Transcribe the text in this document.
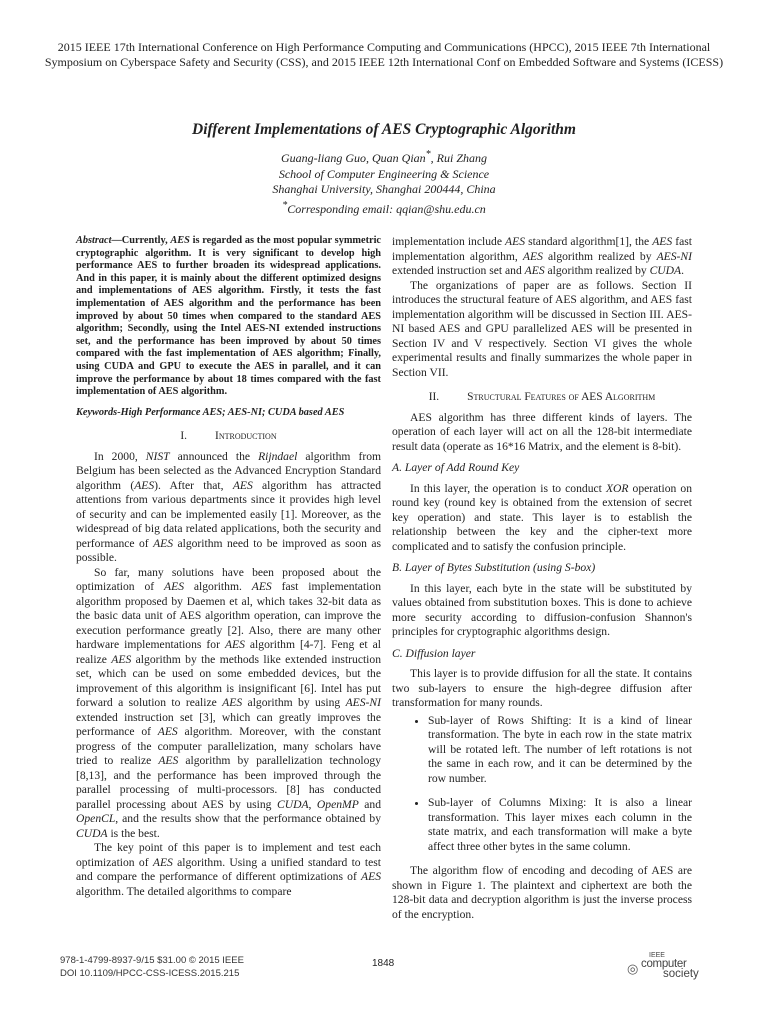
2015 IEEE 17th International Conference on High Performance Computing and Communications (HPCC), 2015 IEEE 7th International Symposium on Cyberspace Safety and Security (CSS), and 2015 IEEE 12th International Conf on Embedded Software and Systems (ICESS)
Different Implementations of AES Cryptographic Algorithm
Guang-liang Guo, Quan Qian*, Rui Zhang
School of Computer Engineering & Science
Shanghai University, Shanghai 200444, China
*Corresponding email: qqian@shu.edu.cn

Abstract—Currently, AES is regarded as the most popular symmetric cryptographic algorithm. It is very significant to develop high performance AES to further broaden its widespread applications. And in this paper, it is mainly about the different optimized designs and implementations of AES algorithm. Firstly, it tests the fast implementation of AES algorithm and the performance has been improved by about 50 times when compared to the standard AES algorithm; Secondly, using the Intel AES-NI extended instructions set, and the performance has been improved by about 50 times compared with the fast implementation of AES algorithm; Finally, using CUDA and GPU to execute the AES in parallel, and it can improve the performance by about 18 times compared with the fast implementation of AES algorithm.

Keywords-High Performance AES; AES-NI; CUDA based AES

I. Introduction

In 2000, NIST announced the Rijndael algorithm from Belgium has been selected as the Advanced Encryption Standard algorithm (AES). After that, AES algorithm has attracted attentions from various departments since it provides high level of security and can be implemented easily [1]. Moreover, as the widespread of big data related applications, both the security and performance of AES algorithm need to be improved as soon as possible.

So far, many solutions have been proposed about the optimization of AES algorithm. AES fast implementation algorithm proposed by Daemen et al, which takes 32-bit data as the basic data unit of AES algorithm operation, can improve the execution performance greatly [2]. Also, there are many other hardware implementations for AES algorithm [4-7]. Feng et al realize AES algorithm by the methods like extended instruction set, which can be used on some embedded devices, but the improvement of this algorithm is insignificant [6]. Intel has put forward a solution to realize AES algorithm by using AES-NI extended instruction set [3], which can greatly improves the performance of AES algorithm. Moreover, with the constant progress of the computer parallelization, many scholars have tried to realize AES algorithm by parallelization technology [8,13], and the performance has been improved through the parallel processing of multi-processors. [8] has conducted parallel processing about AES by using CUDA, OpenMP and OpenCL, and the results show that the performance obtained by CUDA is the best.

The key point of this paper is to implement and test each optimization of AES algorithm. Using a unified standard to test and compare the performance of different optimizations of AES algorithm. The detailed algorithms to compare

implementation include AES standard algorithm[1], the AES fast implementation algorithm, AES algorithm realized by AES-NI extended instruction set and AES algorithm realized by CUDA.

The organizations of paper are as follows. Section II introduces the structural feature of AES algorithm, and AES fast implementation algorithm will be discussed in Section III. AES-NI based AES and GPU parallelized AES will be presented in Section IV and V respectively. Section VI gives the whole experimental results and finally summarizes the whole paper in Section VII.

II. Structural Features of AES Algorithm

AES algorithm has three different kinds of layers. The operation of each layer will act on all the 128-bit intermediate result data (operate as 16*16 Matrix, and the element is 8-bit).

A. Layer of Add Round Key

In this layer, the operation is to conduct XOR operation on round key (round key is obtained from the extension of secret key operation) and state. This layer is to establish the relationship between the key and the cipher-text more complicated and to satisfy the confusion principle.

B. Layer of Bytes Substitution (using S-box)

In this layer, each byte in the state will be substituted by values obtained from substitution boxes. This is done to achieve more security according to diffusion-confusion Shannon's principles for cryptographic algorithms design.

C. Diffusion layer

This layer is to provide diffusion for all the state. It contains two sub-layers to ensure the high-degree diffusion after transformation for many rounds.

• Sub-layer of Rows Shifting: It is a kind of linear transformation. The byte in each row in the state matrix will be rotated left. The number of left rotations is not the same in each row, and it can be determined by the row number.
• Sub-layer of Columns Mixing: It is also a linear transformation. This layer mixes each column in the state matrix, and each transformation will make a byte affect three other bytes in the same column.

The algorithm flow of encoding and decoding of AES are shown in Figure 1. The plaintext and ciphertext are both the 128-bit data and decryption algorithm is just the inverse process of the encryption.

978-1-4799-8937-9/15 $31.00 © 2015 IEEE
DOI 10.1109/HPCC-CSS-ICESS.2015.215
1848	◎
IEEE
computer
society
